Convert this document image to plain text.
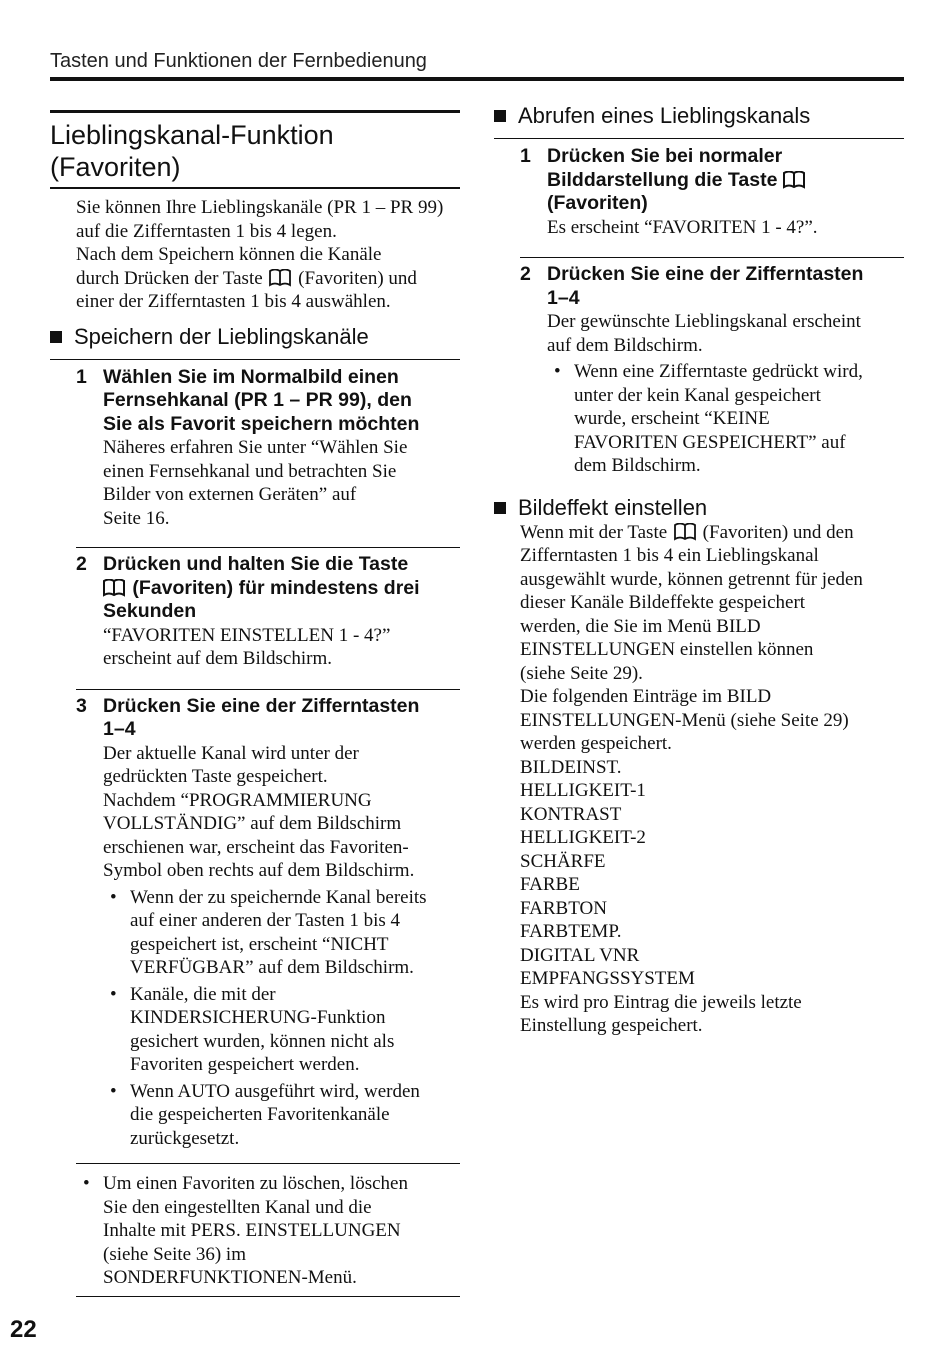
Tasten und Funktionen der Fernbedienung
Lieblingskanal-Funktion
(Favoriten)
Sie können Ihre Lieblingskanäle (PR 1 – PR 99)
auf die Zifferntasten 1 bis 4 legen.
Nach dem Speichern können die Kanäle
durch Drücken der Taste  (Favoriten) und
einer der Zifferntasten 1 bis 4 auswählen.
Speichern der Lieblingskanäle
1 Wählen Sie im Normalbild einen
Fernsehkanal (PR 1 – PR 99), den
Sie als Favorit speichern möchten
Näheres erfahren Sie unter “Wählen Sie
einen Fernsehkanal und betrachten Sie
Bilder von externen Geräten” auf
Seite 16.
2 Drücken und halten Sie die Taste
(Favoriten) für mindestens drei
Sekunden
“FAVORITEN EINSTELLEN 1 - 4?”
erscheint auf dem Bildschirm.
3 Drücken Sie eine der Zifferntasten
1–4
Der aktuelle Kanal wird unter der
gedrückten Taste gespeichert.
Nachdem “PROGRAMMIERUNG
VOLLSTÄNDIG” auf dem Bildschirm
erschienen war, erscheint das Favoriten-
Symbol oben rechts auf dem Bildschirm.
• Wenn der zu speichernde Kanal bereits
auf einer anderen der Tasten 1 bis 4
gespeichert ist, erscheint “NICHT
VERFÜGBAR” auf dem Bildschirm.
• Kanäle, die mit der
KINDERSICHERUNG-Funktion
gesichert wurden, können nicht als
Favoriten gespeichert werden.
• Wenn AUTO ausgeführt wird, werden
die gespeicherten Favoritenkanäle
zurückgesetzt.
• Um einen Favoriten zu löschen, löschen
Sie den eingestellten Kanal und die
Inhalte mit PERS. EINSTELLUNGEN
(siehe Seite 36) im
SONDERFUNKTIONEN-Menü.
Abrufen eines Lieblingskanals
1 Drücken Sie bei normaler
Bilddarstellung die Taste
(Favoriten)
Es erscheint “FAVORITEN 1 - 4?”.
2 Drücken Sie eine der Zifferntasten
1–4
Der gewünschte Lieblingskanal erscheint
auf dem Bildschirm.
• Wenn eine Zifferntaste gedrückt wird,
unter der kein Kanal gespeichert
wurde, erscheint “KEINE
FAVORITEN GESPEICHERT” auf
dem Bildschirm.
Bildeffekt einstellen
Wenn mit der Taste  (Favoriten) und den
Zifferntasten 1 bis 4 ein Lieblingskanal
ausgewählt wurde, können getrennt für jeden
dieser Kanäle Bildeffekte gespeichert
werden, die Sie im Menü BILD
EINSTELLUNGEN einstellen können
(siehe Seite 29).
Die folgenden Einträge im BILD
EINSTELLUNGEN-Menü (siehe Seite 29)
werden gespeichert.
BILDEINST.
HELLIGKEIT-1
KONTRAST
HELLIGKEIT-2
SCHÄRFE
FARBE
FARBTON
FARBTEMP.
DIGITAL VNR
EMPFANGSSYSTEM
Es wird pro Eintrag die jeweils letzte
Einstellung gespeichert.
22
